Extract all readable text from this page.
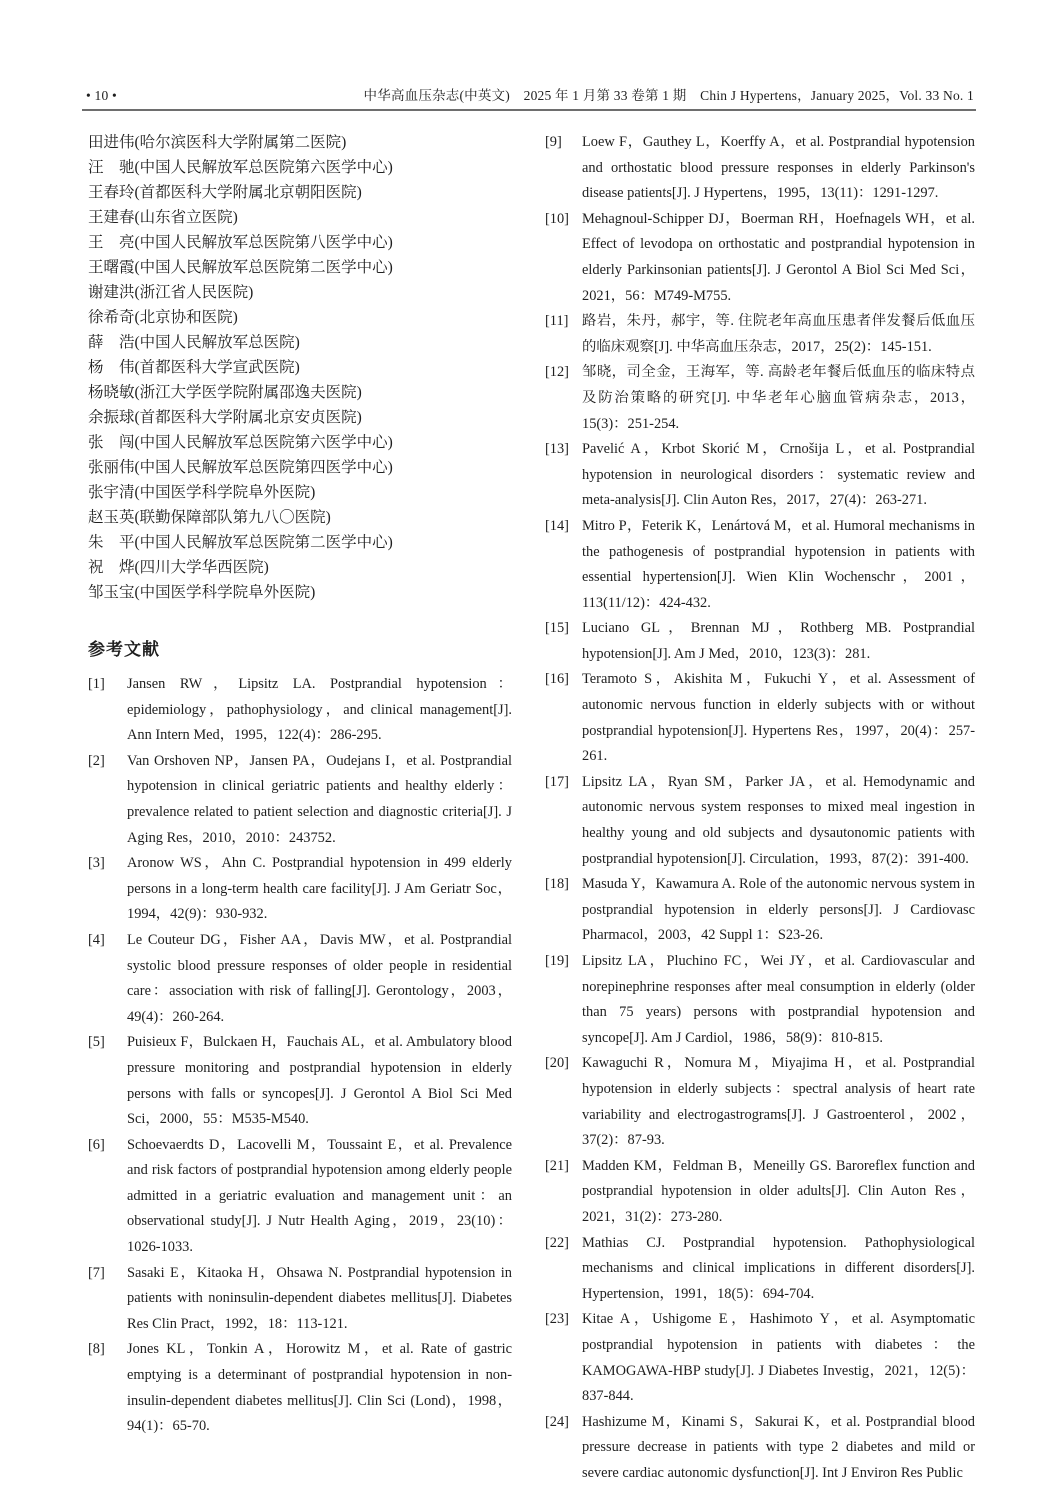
• 10 •	中华高血压杂志(中英文)　2025 年 1 月第 33 卷第 1 期　Chin J Hypertens，January 2025，Vol. 33 No. 1
田进伟(哈尔滨医科大学附属第二医院)
汪　驰(中国人民解放军总医院第六医学中心)
王春玲(首都医科大学附属北京朝阳医院)
王建春(山东省立医院)
王　亮(中国人民解放军总医院第八医学中心)
王曙霞(中国人民解放军总医院第二医学中心)
谢建洪(浙江省人民医院)
徐希奇(北京协和医院)
薛　浩(中国人民解放军总医院)
杨　伟(首都医科大学宣武医院)
杨晓敏(浙江大学医学院附属邵逸夫医院)
余振球(首都医科大学附属北京安贞医院)
张　闯(中国人民解放军总医院第六医学中心)
张丽伟(中国人民解放军总医院第四医学中心)
张宇清(中国医学科学院阜外医院)
赵玉英(联勤保障部队第九八〇医院)
朱　平(中国人民解放军总医院第二医学中心)
祝　烨(四川大学华西医院)
邹玉宝(中国医学科学院阜外医院)
参考文献
[1] Jansen RW，Lipsitz LA. Postprandial hypotension：epidemiology，pathophysiology，and clinical management[J]. Ann Intern Med，1995，122(4)：286-295.
[2] Van Orshoven NP，Jansen PA，Oudejans I，et al. Postprandial hypotension in clinical geriatric patients and healthy elderly：prevalence related to patient selection and diagnostic criteria[J]. J Aging Res，2010，2010：243752.
[3] Aronow WS，Ahn C. Postprandial hypotension in 499 elderly persons in a long-term health care facility[J]. J Am Geriatr Soc，1994，42(9)：930-932.
[4] Le Couteur DG，Fisher AA，Davis MW，et al. Postprandial systolic blood pressure responses of older people in residential care：association with risk of falling[J]. Gerontology，2003，49(4)：260-264.
[5] Puisieux F，Bulckaen H，Fauchais AL，et al. Ambulatory blood pressure monitoring and postprandial hypotension in elderly persons with falls or syncopes[J]. J Gerontol A Biol Sci Med Sci，2000，55：M535-M540.
[6] Schoevaerdts D，Lacovelli M，Toussaint E，et al. Prevalence and risk factors of postprandial hypotension among elderly people admitted in a geriatric evaluation and management unit：an observational study[J]. J Nutr Health Aging，2019，23(10)：1026-1033.
[7] Sasaki E，Kitaoka H，Ohsawa N. Postprandial hypotension in patients with noninsulin-dependent diabetes mellitus[J]. Diabetes Res Clin Pract，1992，18：113-121.
[8] Jones KL，Tonkin A，Horowitz M，et al. Rate of gastric emptying is a determinant of postprandial hypotension in non-insulin-dependent diabetes mellitus[J]. Clin Sci (Lond)，1998，94(1)：65-70.
[9] Loew F，Gauthey L，Koerffy A，et al. Postprandial hypotension and orthostatic blood pressure responses in elderly Parkinson's disease patients[J]. J Hypertens，1995，13(11)：1291-1297.
[10] Mehagnoul-Schipper DJ，Boerman RH，Hoefnagels WH，et al. Effect of levodopa on orthostatic and postprandial hypotension in elderly Parkinsonian patients[J]. J Gerontol A Biol Sci Med Sci，2021，56：M749-M755.
[11] 路岩，朱丹，郝宇，等. 住院老年高血压患者伴发餐后低血压的临床观察[J]. 中华高血压杂志，2017，25(2)：145-151.
[12] 邹晓，司全金，王海军，等. 高龄老年餐后低血压的临床特点及防治策略的研究[J]. 中华老年心脑血管病杂志，2013，15(3)：251-254.
[13] Pavelić A，Krbot Skorić M，Crnošija L，et al. Postprandial hypotension in neurological disorders：systematic review and meta-analysis[J]. Clin Auton Res，2017，27(4)：263-271.
[14] Mitro P，Feterik K，Lenártová M，et al. Humoral mechanisms in the pathogenesis of postprandial hypotension in patients with essential hypertension[J]. Wien Klin Wochenschr，2001，113(11/12)：424-432.
[15] Luciano GL，Brennan MJ，Rothberg MB. Postprandial hypotension[J]. Am J Med，2010，123(3)：281.
[16] Teramoto S，Akishita M，Fukuchi Y，et al. Assessment of autonomic nervous function in elderly subjects with or without postprandial hypotension[J]. Hypertens Res，1997，20(4)：257-261.
[17] Lipsitz LA，Ryan SM，Parker JA，et al. Hemodynamic and autonomic nervous system responses to mixed meal ingestion in healthy young and old subjects and dysautonomic patients with postprandial hypotension[J]. Circulation，1993，87(2)：391-400.
[18] Masuda Y，Kawamura A. Role of the autonomic nervous system in postprandial hypotension in elderly persons[J]. J Cardiovasc Pharmacol，2003，42 Suppl 1：S23-26.
[19] Lipsitz LA，Pluchino FC，Wei JY，et al. Cardiovascular and norepinephrine responses after meal consumption in elderly (older than 75 years) persons with postprandial hypotension and syncope[J]. Am J Cardiol，1986，58(9)：810-815.
[20] Kawaguchi R，Nomura M，Miyajima H，et al. Postprandial hypotension in elderly subjects：spectral analysis of heart rate variability and electrogastrograms[J]. J Gastroenterol，2002，37(2)：87-93.
[21] Madden KM，Feldman B，Meneilly GS. Baroreflex function and postprandial hypotension in older adults[J]. Clin Auton Res，2021，31(2)：273-280.
[22] Mathias CJ. Postprandial hypotension. Pathophysiological mechanisms and clinical implications in different disorders[J]. Hypertension，1991，18(5)：694-704.
[23] Kitae A，Ushigome E，Hashimoto Y，et al. Asymptomatic postprandial hypotension in patients with diabetes：the KAMOGAWA-HBP study[J]. J Diabetes Investig，2021，12(5)：837-844.
[24] Hashizume M，Kinami S，Sakurai K，et al. Postprandial blood pressure decrease in patients with type 2 diabetes and mild or severe cardiac autonomic dysfunction[J]. Int J Environ Res Public
